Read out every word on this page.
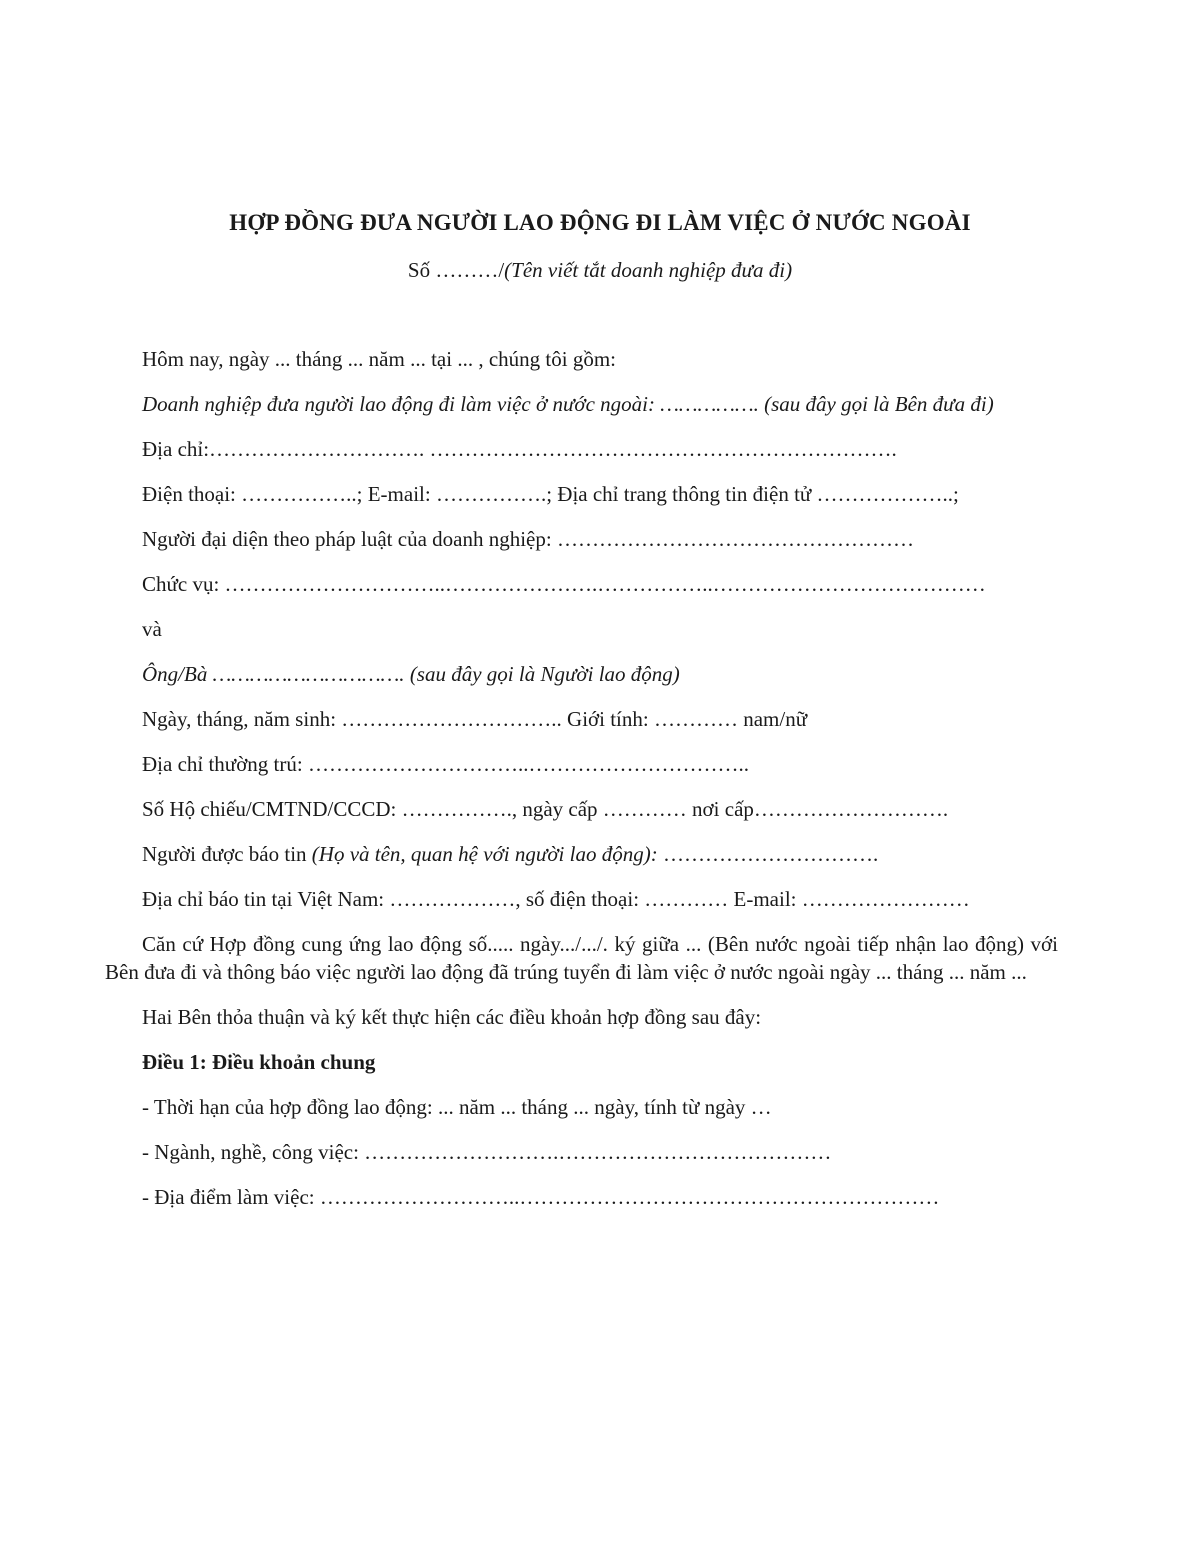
HỢP ĐỒNG ĐƯA NGƯỜI LAO ĐỘNG ĐI LÀM VIỆC Ở NƯỚC NGOÀI
Số ………/(Tên viết tắt doanh nghiệp đưa đi)

Hôm nay, ngày ... tháng ... năm ... tại ... , chúng tôi gồm:

Doanh nghiệp đưa người lao động đi làm việc ở nước ngoài: ……………. (sau đây gọi là Bên đưa đi)

Địa chỉ:…………………………. ………………………………………………………….

Điện thoại: ……………..; E-mail: …………….; Địa chỉ trang thông tin điện tử ………………..;

Người đại diện theo pháp luật của doanh nghiệp: ……………………………………………

Chức vụ: …………………………..………………….……………..…………………………………

và

Ông/Bà …………………………. (sau đây gọi là Người lao động)

Ngày, tháng, năm sinh: ………………………….. Giới tính: ………… nam/nữ

Địa chỉ thường trú: …………………………..…………………………..

Số Hộ chiếu/CMTND/CCCD: ……………., ngày cấp ………… nơi cấp……………………….

Người được báo tin (Họ và tên, quan hệ với người lao động): ………………………….

Địa chỉ báo tin tại Việt Nam: ………………, số điện thoại: ………… E-mail: ……………………

Căn cứ Hợp đồng cung ứng lao động số..... ngày.../.../. ký giữa ... (Bên nước ngoài tiếp nhận lao động) với Bên đưa đi và thông báo việc người lao động đã trúng tuyển đi làm việc ở nước ngoài ngày ... tháng ... năm ...

Hai Bên thỏa thuận và ký kết thực hiện các điều khoản hợp đồng sau đây:

Điều 1: Điều khoản chung

- Thời hạn của hợp đồng lao động: ... năm ... tháng ... ngày, tính từ ngày …

- Ngành, nghề, công việc: ……………………….…………………………………

- Địa điểm làm việc: ………………………..……………………………………………………
